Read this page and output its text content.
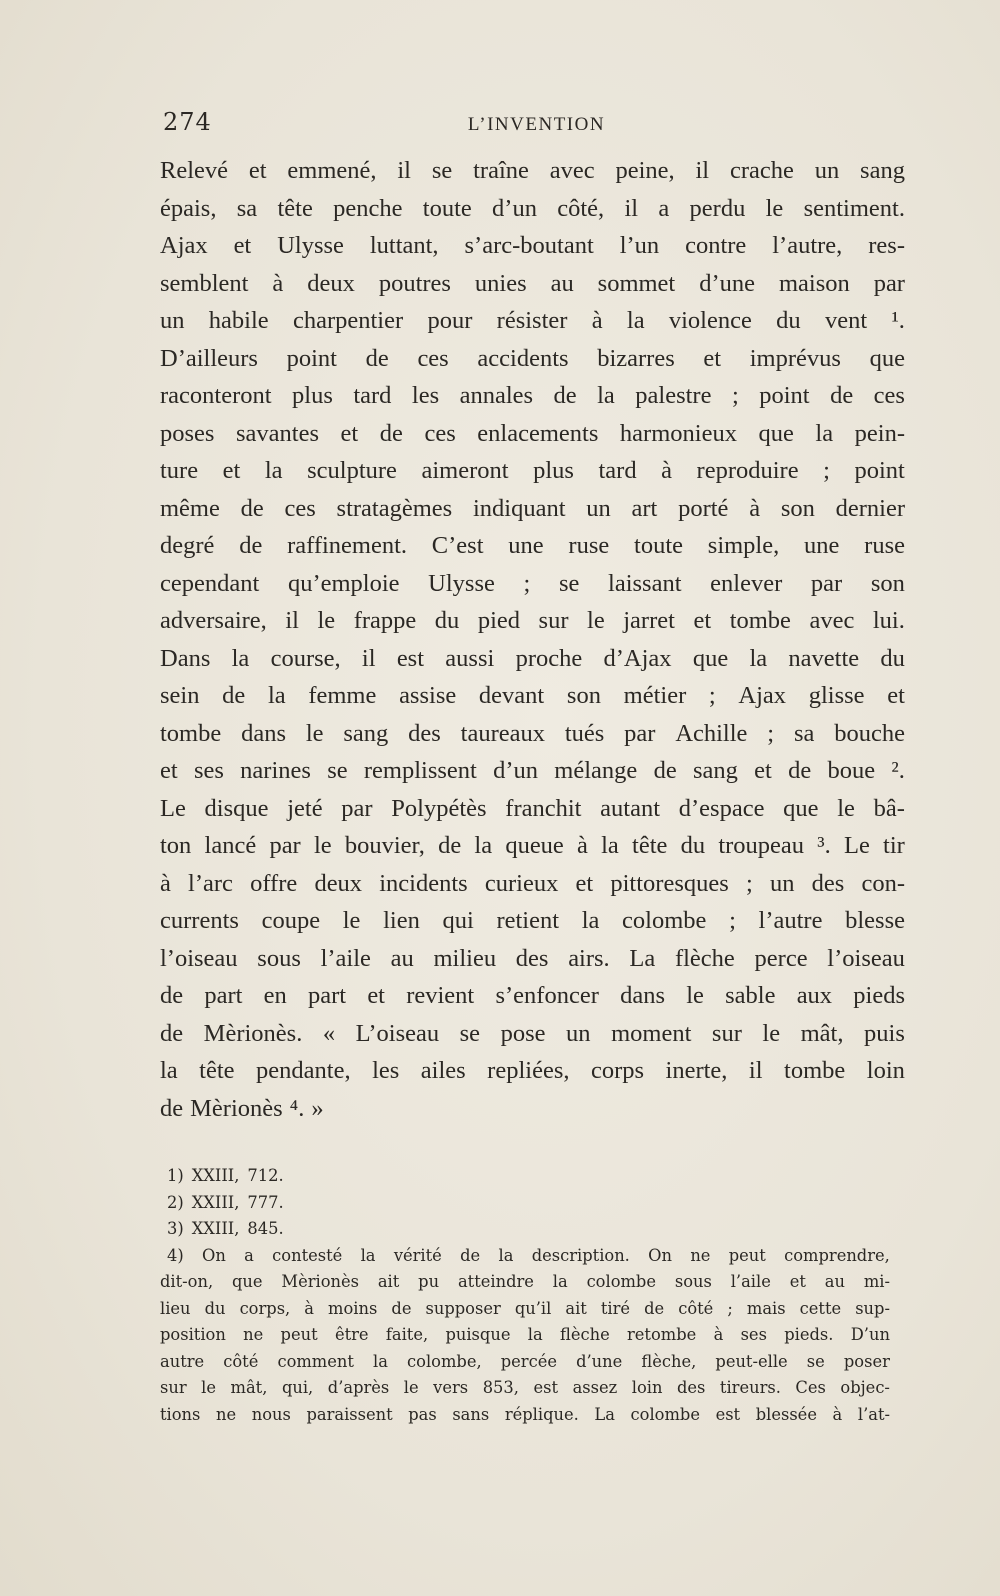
274	L’INVENTION
Relevé et emmené, il se traîne avec peine, il crache un sang
épais, sa tête penche toute d’un côté, il a perdu le sentiment.
Ajax et Ulysse luttant, s’arc-boutant l’un contre l’autre, res-
semblent à deux poutres unies au sommet d’une maison par
un habile charpentier pour résister à la violence du vent ¹.
D’ailleurs point de ces accidents bizarres et imprévus que
raconteront plus tard les annales de la palestre ; point de ces
poses savantes et de ces enlacements harmonieux que la pein-
ture et la sculpture aimeront plus tard à reproduire ; point
même de ces stratagèmes indiquant un art porté à son dernier
degré de raffinement. C’est une ruse toute simple, une ruse
cependant qu’emploie Ulysse ; se laissant enlever par son
adversaire, il le frappe du pied sur le jarret et tombe avec lui.
Dans la course, il est aussi proche d’Ajax que la navette du
sein de la femme assise devant son métier ; Ajax glisse et
tombe dans le sang des taureaux tués par Achille ; sa bouche
et ses narines se remplissent d’un mélange de sang et de boue ².
Le disque jeté par Polypétès franchit autant d’espace que le bâ-
ton lancé par le bouvier, de la queue à la tête du troupeau ³. Le tir
à l’arc offre deux incidents curieux et pittoresques ; un des con-
currents coupe le lien qui retient la colombe ; l’autre blesse
l’oiseau sous l’aile au milieu des airs. La flèche perce l’oiseau
de part en part et revient s’enfoncer dans le sable aux pieds
de Mèrionès. « L’oiseau se pose un moment sur le mât, puis
la tête pendante, les ailes repliées, corps inerte, il tombe loin
de Mèrionès ⁴. »
1) XXIII, 712.
2) XXIII, 777.
3) XXIII, 845.
4) On a contesté la vérité de la description. On ne peut comprendre,
dit-on, que Mèrionès ait pu atteindre la colombe sous l’aile et au mi-
lieu du corps, à moins de supposer qu’il ait tiré de côté ; mais cette sup-
position ne peut être faite, puisque la flèche retombe à ses pieds. D’un
autre côté comment la colombe, percée d’une flèche, peut-elle se poser
sur le mât, qui, d’après le vers 853, est assez loin des tireurs. Ces objec-
tions ne nous paraissent pas sans réplique. La colombe est blessée à l’at-
